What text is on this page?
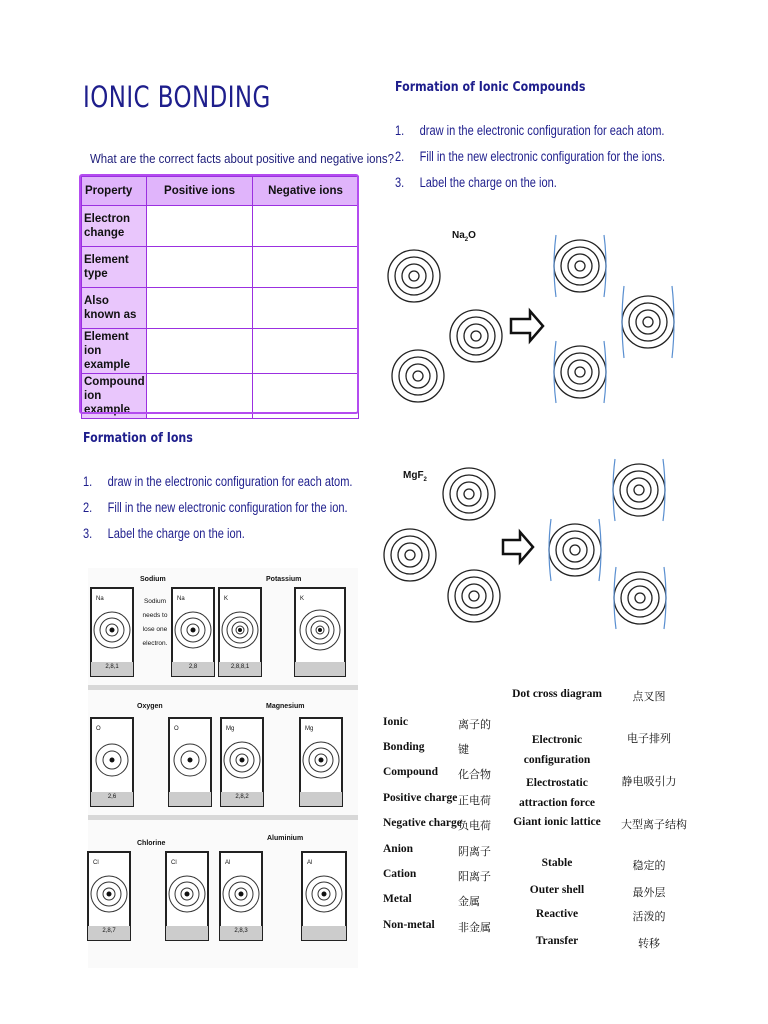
IONIC BONDING
What are the correct facts about positive and negative ions?
Property	Positive ions	Negative ions
Electron change		
Element type		
Also known as		
Element ion example		
Compound ion example		
Formation of Ions
1. draw in the electronic configuration for each atom.
2. Fill in the new electronic configuration for the ion.
3. Label the charge on the ion.
Sodium
Sodium
needs to
lose one
electron.
Potassium
Oxygen	Magnesium
Chlorine
Aluminium
Na	Na	K	K
O	O	Mg	Mg
Cl	Cl	Al	Al
2,8,1	2,8	2,8,8,1
2,6	2,8,2
2,8,7	2,8,3
Formation of Ionic Compounds
1. draw in the electronic configuration for each atom.
2. Fill in the new electronic configuration for the ions.
3. Label the charge on the ion.
$Na_2O$
MgF$_2$
Ionic	离子的
Bonding	键
Compound 化合物
Positive charge 正电荷
Negative charge
负电荷
Anion	阴离子
Cation	阳离子
Metal	金属
Non-metal 非金属
Dot cross diagram	点叉图
Electronic configuration
电子排列
Electrostatic attraction force
静电吸引力
Giant ionic lattice	大型离子结构
Stable	稳定的
Outer shell	最外层
Reactive	活泼的
Transfer	转移
